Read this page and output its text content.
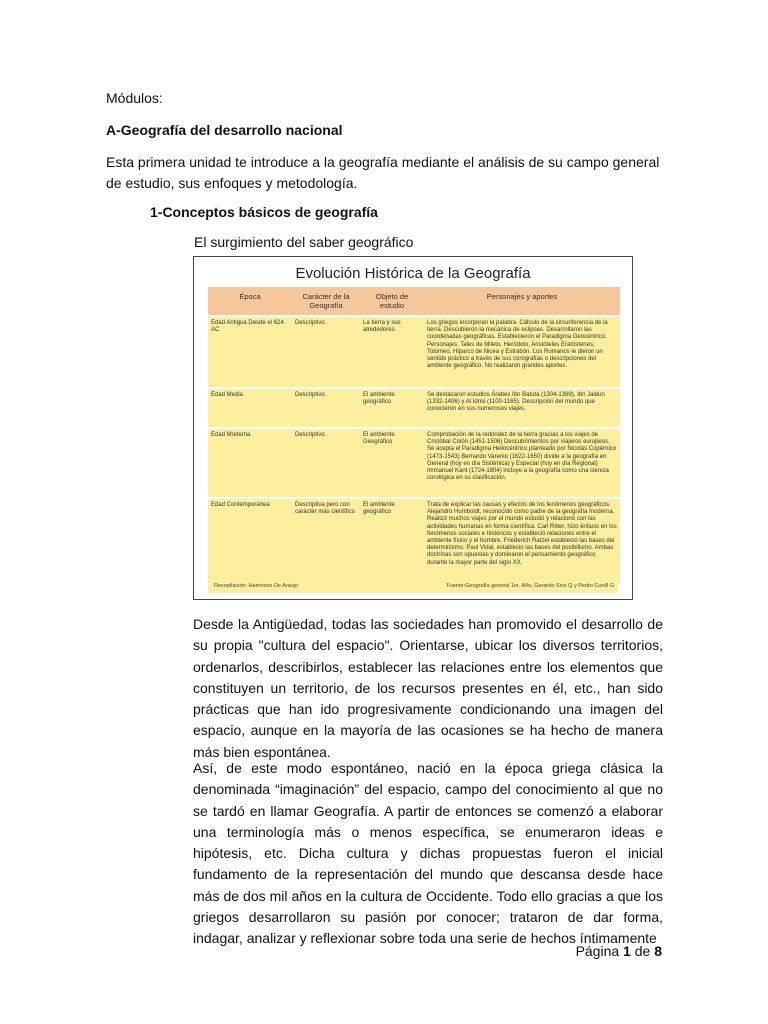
Módulos:
A-Geografía del desarrollo nacional
Esta primera unidad te introduce a la geografía mediante el análisis de su campo general de estudio, sus enfoques y metodología.
1-Conceptos básicos de geografía
El surgimiento del saber geográfico
Evolución Histórica de la Geografía
Época	Carácter de la Geografía	Objeto de estudio	Personajes y aportes
Edad Antigua Desde el 624. AC	Descriptivo	La tierra y sus alrededores	Los griegos incorporan la palabra. Cálculo de la circunferencia de la tierra. Descubieron la mecánica de eclipses. Desarrollaron las coordenadas geográficas. Establecieron el Paradigma Geocéntrico. Personajes: Tales de Mileto, Heródoto, Aristóteles Eratóstenes, Tolomeo, Hiparco de Nicea y Estrabón. Los Romanos le dieron un sentido práctico a través de sus corografías o descripciones del ambiente geográfico. No realizaron grandes aportes.
Edad Media	Descriptivo	El ambiente geográfico	Se destacaron estudios Árabes Ibn Batuta (1304-1369), Ibn Jaldun (1332-1406) y Al Idrisi (1100-1165). Descripción del mundo que conocieron en sus numerosos viajes.
Edad Moderna	Descriptivo	El ambiente Geográfico	Comprobación de la redondez de la tierra gracias a los viajes de Cristóbal Colón (1451-1506) Descubrimientos por viajeros europeos. Se acepta el Paradigma Heliocéntrico planteado por Nicolás Copérnico (1473-1543) Bernardo Varenio (1622-1650) divide a la geografía en General (hoy en día Sistémica) y Especial (hoy en día Regional) Immanuel Kant (1724-1804) incluye a la geografía como una ciencia corológica en su clasificación.
Edad Contemporánea	Descriptiva pero con carácter más científico	El ambiente geográfico	Trata de explicar las causas y efectos de los fenómenos geográficos. Alejandro Humboldt, reconocido como padre de la geografía moderna. Realizó muchos viajes por el mundo estudió y relacionó con las actividades humanas en forma científica. Carl Ritter, hizo énfasis en los fenómenos sociales e históricos y estableció relaciones entre el ambiente físico y el hombre. Friederich Ratzel estableció las bases del determinismo. Paul Vidal, establecio las bases del posibilismo. Ambas doctrinas son opuestas y dominaron el pensamiento geográfico durante la mayor parte del siglo XX.
Recopilación: Harrinson De Araujo	Fuente:Geografía general 1er. Año, Gerardo Sios Q y Pedro Cunill G
Desde la Antigüedad, todas las sociedades han promovido el desarrollo de su propia "cultura del espacio". Orientarse, ubicar los diversos territorios, ordenarlos, describirlos, establecer las relaciones entre los elementos que constituyen un territorio, de los recursos presentes en él, etc., han sido prácticas que han ido progresivamente condicionando una imagen del espacio, aunque en la mayoría de las ocasiones se ha hecho de manera más bien espontánea.
Así, de este modo espontáneo, nació en la época griega clásica la denominada “imaginación” del espacio, campo del conocimiento al que no se tardó en llamar Geografía. A partir de entonces se comenzó a elaborar una terminología más o menos específica, se enumeraron ideas e hipótesis, etc. Dicha cultura y dichas propuestas fueron el inicial fundamento de la representación del mundo que descansa desde hace más de dos mil años en la cultura de Occidente. Todo ello gracias a que los griegos desarrollaron su pasión por conocer; trataron de dar forma, indagar, analizar y reflexionar sobre toda una serie de hechos íntimamente
Página 1 de 8
